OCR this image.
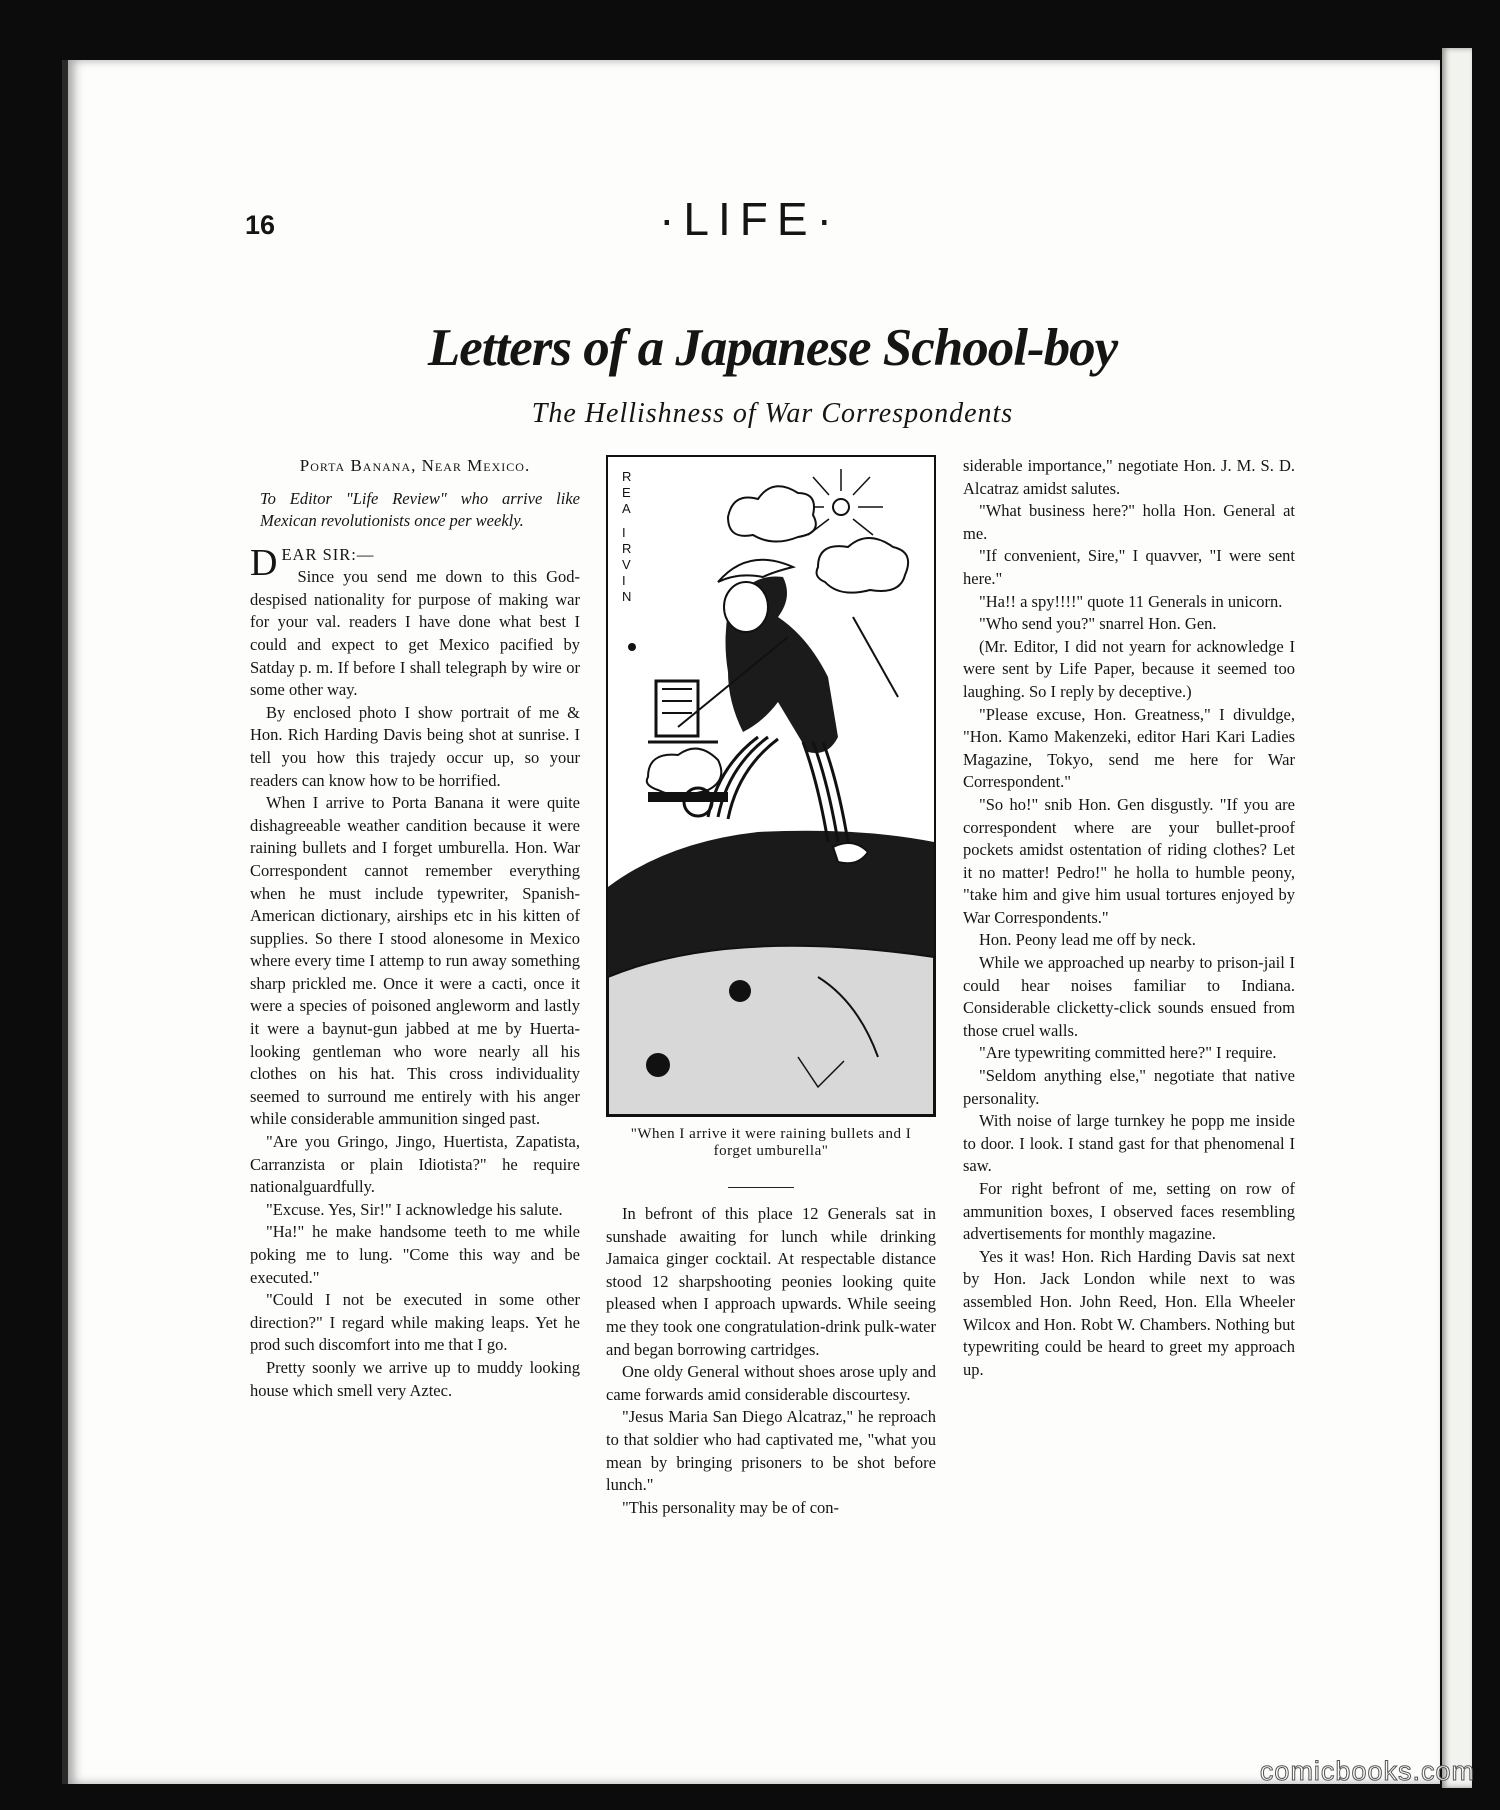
16	·LIFE·
Letters of a Japanese School-boy
The Hellishness of War Correspondents
Porta Banana, Near Mexico.
To Editor "Life Review" who arrive like Mexican revolutionists once per weekly.
D EAR SIR:—

Since you send me down to this God-despised nationality for purpose of making war for your val. readers I have done what best I could and expect to get Mexico pacified by Satday p. m. If before I shall telegraph by wire or some other way.

By enclosed photo I show portrait of me & Hon. Rich Harding Davis being shot at sunrise. I tell you how this trajedy occur up, so your readers can know how to be horrified.

When I arrive to Porta Banana it were quite dishagreeable weather candition because it were raining bullets and I forget umburella. Hon. War Correspondent cannot remember everything when he must include typewriter, Spanish-American dictionary, airships etc in his kitten of supplies. So there I stood alonesome in Mexico where every time I attemp to run away something sharp prickled me. Once it were a cacti, once it were a species of poisoned angleworm and lastly it were a baynut-gun jabbed at me by Huerta-looking gentleman who wore nearly all his clothes on his hat. This cross individuality seemed to surround me entirely with his anger while considerable ammunition singed past.

"Are you Gringo, Jingo, Huertista, Zapatista, Carranzista or plain Idiotista?" he require nationalguardfully.

"Excuse. Yes, Sir!" I acknowledge his salute.

"Ha!" he make handsome teeth to me while poking me to lung. "Come this way and be executed."

"Could I not be executed in some other direction?" I regard while making leaps. Yet he prod such discomfort into me that I go.

Pretty soonly we arrive up to muddy looking house which smell very Aztec.

R E A I R V I N
"When I arrive it were raining bullets and I forget umburella"

In befront of this place 12 Generals sat in sunshade awaiting for lunch while drinking Jamaica ginger cocktail. At respectable distance stood 12 sharpshooting peonies looking quite pleased when I approach upwards. While seeing me they took one congratulation-drink pulk-water and began borrowing cartridges.

One oldy General without shoes arose uply and came forwards amid considerable discourtesy.

"Jesus Maria San Diego Alcatraz," he reproach to that soldier who had captivated me, "what you mean by bringing prisoners to be shot before lunch."

"This personality may be of con-

siderable importance," negotiate Hon. J. M. S. D. Alcatraz amidst salutes.

"What business here?" holla Hon. General at me.

"If convenient, Sire," I quavver, "I were sent here."

"Ha!! a spy!!!!" quote 11 Generals in unicorn.

"Who send you?" snarrel Hon. Gen.

(Mr. Editor, I did not yearn for acknowledge I were sent by Life Paper, because it seemed too laughing. So I reply by deceptive.)

"Please excuse, Hon. Greatness," I divuldge, "Hon. Kamo Makenzeki, editor Hari Kari Ladies Magazine, Tokyo, send me here for War Correspondent."

"So ho!" snib Hon. Gen disgustly. "If you are correspondent where are your bullet-proof pockets amidst ostentation of riding clothes? Let it no matter! Pedro!" he holla to humble peony, "take him and give him usual tortures enjoyed by War Correspondents."

Hon. Peony lead me off by neck.

While we approached up nearby to prison-jail I could hear noises familiar to Indiana. Considerable clicketty-click sounds ensued from those cruel walls.

"Are typewriting committed here?" I require.

"Seldom anything else," negotiate that native personality.

With noise of large turnkey he popp me inside to door. I look. I stand gast for that phenomenal I saw.

For right befront of me, setting on row of ammunition boxes, I observed faces resembling advertisements for monthly magazine.

Yes it was! Hon. Rich Harding Davis sat next by Hon. Jack London while next to was assembled Hon. John Reed, Hon. Ella Wheeler Wilcox and Hon. Robt W. Chambers. Nothing but typewriting could be heard to greet my approach up.

comicbooks.com
